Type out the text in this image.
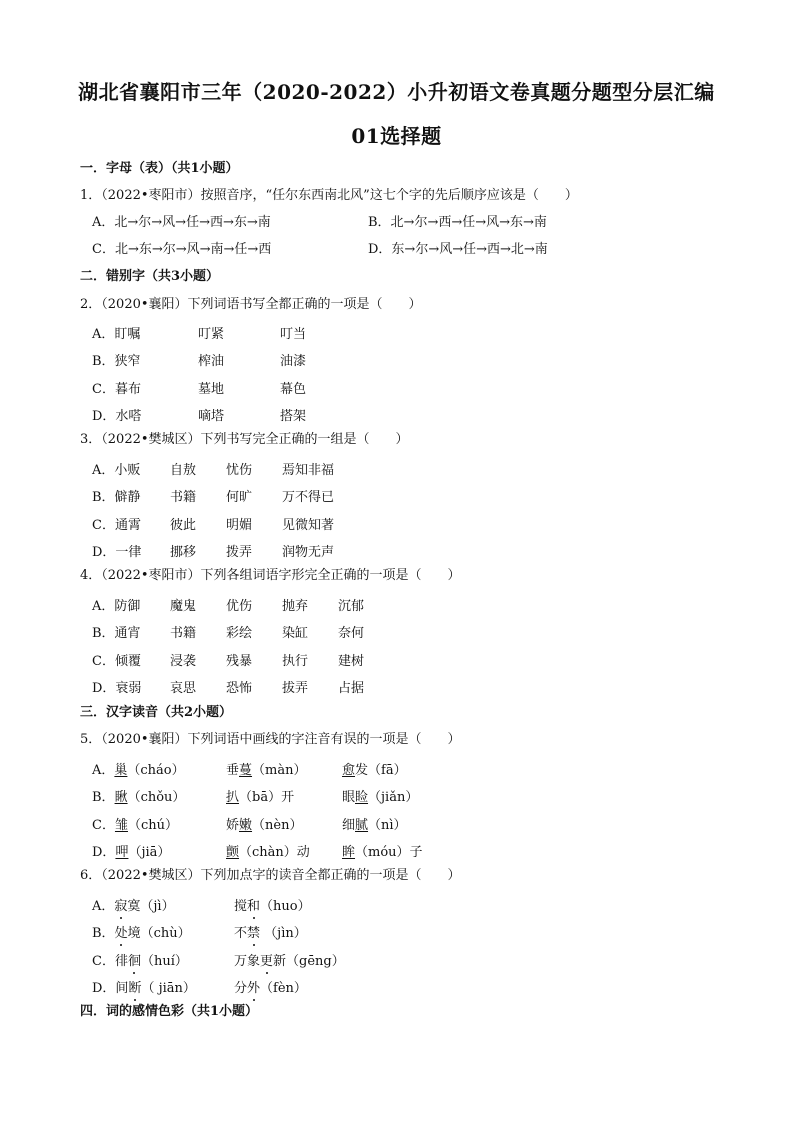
湖北省襄阳市三年（2020-2022）小升初语文卷真题分题型分层汇编
01选择题
一．字母（表）（共1小题）
1．（2022•枣阳市）按照音序，“任尔东西南北风”这七个字的先后顺序应该是（　　）
A．北→尔→风→任→西→东→南	B．北→尔→西→任→风→东→南
C．北→东→尔→风→南→任→西	D．东→尔→风→任→西→北→南
二．错别字（共3小题）
2．（2020•襄阳）下列词语书写全都正确的一项是（　　）
3．（2022•樊城区）下列书写完全正确的一组是（　　）
4．（2022•枣阳市）下列各组词语字形完全正确的一项是（　　）
三．汉字读音（共2小题）
5．（2020•襄阳）下列词语中画线的字注音有误的一项是（　　）
6．（2022•樊城区）下列加点字的读音全都正确的一项是（　　）
四．词的感情色彩（共1小题）
A．盯嘱	叮紧	叮当
B．狭窄	榨油	油漆
C．暮布	墓地	幕色
D．水嗒	嘀塔	搭架
A．小贩 自敖 忧伤 焉知非福
B．僻静 书籍 何旷 万不得已
C．通霄 彼此 明媚 见微知著
D．一律 挪移 拨弄 润物无声
A．防御 魔鬼 优伤 抛弃 沉郁
B．通宵 书籍 彩绘 染缸 奈何
C．倾覆 浸袭 残暴 执行 建树
D．衰弱 哀思 恐怖 拔弄 占据
A．巢（cháo）	垂蔓（màn）	愈发（fā）
B．瞅（chǒu）	扒（bā）开	眼睑（jiǎn）
C．雏（chú）	娇嫩（nèn）	细腻（nì）
D．呷（jiā）	颤（chàn）动 眸（móu）子
A．寂寞（jì）	搅和（huo）
B．处境（chù）	不禁 （jìn）
C．徘徊（huí）	万象更新（gēng）
D．间断（ jiān）	分外（fèn）
